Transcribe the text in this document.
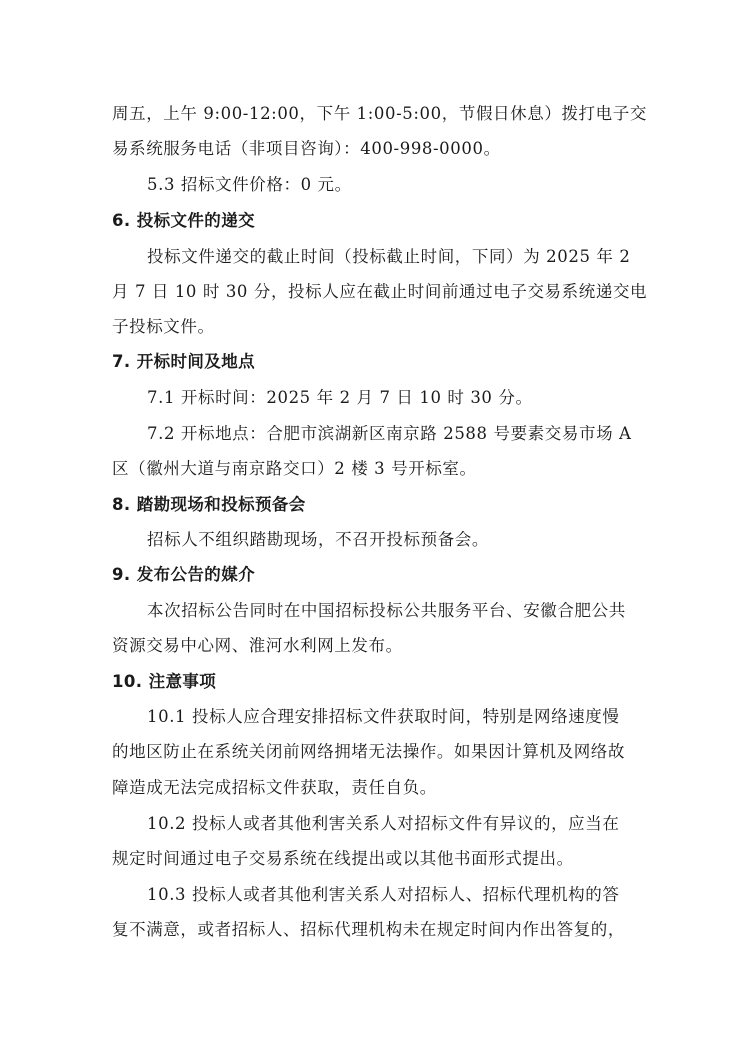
周五，上午 9:00-12:00，下午 1:00-5:00，节假日休息）拨打电子交
易系统服务电话（非项目咨询）：400-998-0000。
5.3 招标文件价格：0 元。
6. 投标文件的递交
投标文件递交的截止时间（投标截止时间，下同）为 2025 年 2
月 7 日 10 时 30 分，投标人应在截止时间前通过电子交易系统递交电
子投标文件。
7. 开标时间及地点
7.1 开标时间：2025 年 2 月 7 日 10 时 30 分。
7.2 开标地点：合肥市滨湖新区南京路 2588 号要素交易市场 A
区（徽州大道与南京路交口）2 楼 3 号开标室。
8. 踏勘现场和投标预备会
招标人不组织踏勘现场，不召开投标预备会。
9. 发布公告的媒介
本次招标公告同时在中国招标投标公共服务平台、安徽合肥公共
资源交易中心网、淮河水利网上发布。
10. 注意事项
10.1 投标人应合理安排招标文件获取时间，特别是网络速度慢
的地区防止在系统关闭前网络拥堵无法操作。如果因计算机及网络故
障造成无法完成招标文件获取，责任自负。
10.2 投标人或者其他利害关系人对招标文件有异议的，应当在
规定时间通过电子交易系统在线提出或以其他书面形式提出。
10.3 投标人或者其他利害关系人对招标人、招标代理机构的答
复不满意，或者招标人、招标代理机构未在规定时间内作出答复的，
